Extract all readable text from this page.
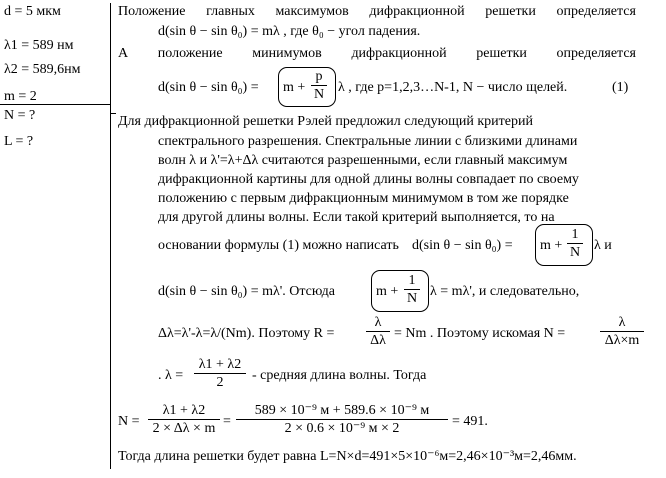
d = 5 мкм
λ1 = 589 нм
λ2 = 589,6нм
m = 2
N = ?
L = ?
Положение главных максимумов дифракционной решетки определяется
d(sin θ − sin θ₀) = mλ , где θ₀ − угол падения.
А положение минимумов дифракционной решетки определяется
d(sin θ − sin θ₀) = m +
p
N λ , где p=1,2,3…N-1, N − число щелей.	(1)
Для дифракционной решетки Рэлей предложил следующий критерий
спектрального разрешения. Спектральные линии с близкими длинами
волн λ и λ'=λ+Δλ считаются разрешенными, если главный максимум
дифракционной картины для одной длины волны совпадает по своему
положению с первым дифракционным минимумом в том же порядке
для другой длины волны. Если такой критерий выполняется, то на
основании формулы (1) можно написать d(sin θ − sin θ₀) = m +
1
N λ и
d(sin θ − sin θ₀) = mλ'. Отсюда	m +
1
N λ = mλ', и следовательно,
Δλ=λ'-λ=λ/(Nm). Поэтому R =
λ
Δλ = Nm . Поэтому искомая N =
λ
Δλ×m
. λ =
λ1 + λ2
2	- средняя длина волны. Тогда
N =
λ1 + λ2
2 × Δλ × m =
589 × 10⁻⁹ м + 589.6 × 10⁻⁹ м
2 × 0.6 × 10⁻⁹ м × 2	= 491.
Тогда длина решетки будет равна L=N×d=491×5×10⁻⁶м=2,46×10⁻³м=2,46мм.
